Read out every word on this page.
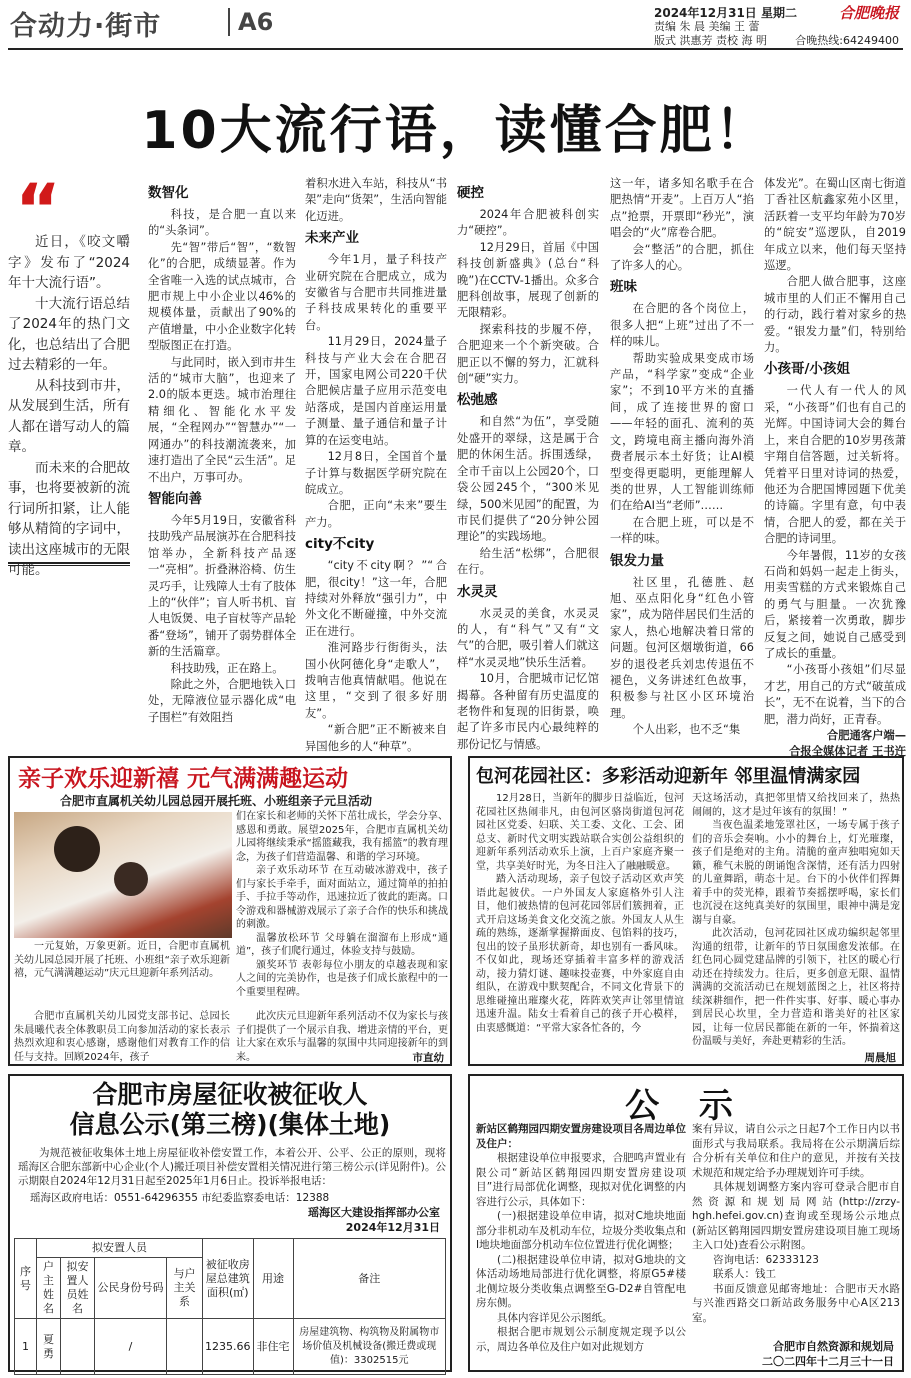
合动力·街市	A6	2024年12月31日 星期二	合肥晚报
责编 朱 晨 美编 王 蕾
版式 洪惠芳 责校 海 明	合晚热线:64249400
10大流行语，读懂合肥！
“

近日，《咬文嚼字》发布了“2024年十大流行语”。

十大流行语总结了2024年的热门文化，也总结出了合肥过去精彩的一年。

从科技到市井，从发展到生活，所有人都在谱写动人的篇章。

而未来的合肥故事，也将要被新的流行词所扣紧，让人能够从精简的字词中，读出这座城市的无限可能。

数智化

科技，是合肥一直以来的“头条词”。

先“智”带后“智”，“数智化”的合肥，成绩显著。作为全省唯一入选的试点城市，合肥市规上中小企业以46%的规模体量，贡献出了90%的产值增量，中小企业数字化转型版图正在打造。

与此同时，嵌入到市井生活的“城市大脑”，也迎来了2.0的版本更迭。城市治理往精细化、智能化水平发展，“全程网办”“智慧办”“一网通办”的科技潮流袭来，加速打造出了全民“云生活”。足不出户，万事可办。

智能向善

今年5月19日，安徽省科技助残产品展演苏在合肥科技馆举办，全新科技产品逐一“亮相”。折叠淋浴椅、仿生灵巧手，让残障人士有了肢体上的“伙伴”；盲人听书机、盲人电饭煲、电子盲杖等产品轮番“登场”，铺开了弱势群体全新的生活篇章。

科技助残，正在路上。

除此之外，合肥地铁入口处，无障液位显示器化成“电子围栏”有效阻挡

着积水进入车站，科技从“书架”走向“货架”，生活向智能化迈进。

未来产业

今年1月，量子科技产业研究院在合肥成立，成为安徽省与合肥市共同推进量子科技成果转化的重要平台。

11月29日，2024量子科技与产业大会在合肥召开，国家电网公司220千伏合肥候店量子应用示范变电站落成，是国内首座运用量子测量、量子通信和量子计算的在运变电站。

12月8日，全国首个量子计算与数据医学研究院在皖成立。

合肥，正向“未来”要生产力。

city不city

“city不city啊？”“合肥，很city！”这一年，合肥持续对外释放“强引力”，中外文化不断碰撞，中外交流正在进行。

淮河路步行街街头，法国小伙阿德化身“走歌人”，拨响吉他真情献唱。他说在这里，“交到了很多好朋友”。

“新合肥”正不断被来自异国他乡的人“种草”。

硬控

2024年合肥被科创实力“硬控”。

12月29日，首届《中国科技创新盛典》(总台“科晚”)在CCTV-1播出。众多合肥科创故事，展现了创新的无限精彩。

探索科技的步履不停，合肥迎来一个个新突破。合肥正以不懈的努力，汇就科创“硬”实力。

松弛感

和自然“为伍”，享受随处盛开的翠绿，这是属于合肥的休闲生活。拆围透绿，全市千亩以上公园20个，口袋公园245个，“300米见绿，500米见园”的配置，为市民们提供了“20分钟公园理论”的实践场地。

给生活“松绑”，合肥很在行。

水灵灵

水灵灵的美食，水灵灵的人，有“科气”又有“文气”的合肥，吸引着人们就这样“水灵灵地”快乐生活着。

10月，合肥城市记忆馆揭幕。各种留有历史温度的老物件和复现的旧街景，唤起了许多市民内心最纯粹的那份记忆与情感。

这一年，诸多知名歌手在合肥热情“开麦”。上百万人“掐点”抢票，开票即“秒光”，演唱会的“火”席卷合肥。

会“整活”的合肥，抓住了许多人的心。

班味

在合肥的各个岗位上，很多人把“上班”过出了不一样的味儿。

帮助实验成果变成市场产品，“科学家”变成“企业家”；不到10平方米的直播间，成了连接世界的窗口——年轻的面孔、流利的英文，跨境电商主播向海外消费者展示本土好货；让AI模型变得更聪明，更能理解人类的世界，人工智能训练师们在给AI当“老师”……

在合肥上班，可以是不一样的味。

银发力量

社区里，孔德胜、赵旭、巫点阳化身“红色小管家”，成为陪伴居民们生活的家人，热心地解决着日常的问题。包河区烟墩街道，66岁的退役老兵刘忠传退伍不褪色，义务讲述红色故事，积极参与社区小区环境治理。

个人出彩，也不乏“集

体发光”。在蜀山区南七街道丁香社区航鑫家苑小区里，活跃着一支平均年龄为70岁的“皖安”巡逻队，自2019年成立以来，他们每天坚持巡逻。

合肥人做合肥事，这座城市里的人们正不懈用自己的行动，践行着对家乡的热爱。“银发力量”们，特别给力。

小孩哥/小孩姐

一代人有一代人的风采，“小孩哥”们也有自己的光辉。中国诗词大会的舞台上，来自合肥的10岁男孩萧宇翔自信答题，过关斩将。凭着平日里对诗词的热爱，他还为合肥国博园题下优美的诗篇。字里有意，句中表情，合肥人的爱，都在关于合肥的诗词里。

今年暑假，11岁的女孩石尚和妈妈一起走上街头，用卖雪糕的方式来锻炼自己的勇气与胆量。一次犹豫后，紧接着一次勇敢，脚步反复之间，她说自己感受到了成长的重量。

“小孩哥小孩姐”们尽显才艺，用自己的方式“破茧成长”，无不在说着，当下的合肥，潜力尚好，正青春。

合肥通客户端—
合报全媒体记者 王书迕
亲子欢乐迎新禧 元气满满趣运动
合肥市直属机关幼儿园总园开展托班、小班组亲子元旦活动

一元复始，万象更新。近日，合肥市直属机关幼儿园总园开展了托班、小班组“亲子欢乐迎新禧，元气满满趣运动”庆元旦迎新年系列活动。

们在家长和老师的关怀下茁壮成长，学会分享、感恩和勇敢。展望2025年，合肥市直属机关幼儿园将继续秉承“摇篮藏我，我有摇篮”的教育理念，为孩子们营造温馨、和谐的学习环境。

亲子欢乐动环节 在互动破冰游戏中，孩子们与家长手牵手，面对面站立，通过简单的拍拍手、手拉手等动作，迅速拉近了彼此的距离。口令游戏和器械游戏展示了亲子合作的快乐和挑战的刺激。

温馨放松环节 父母躺在溜溜布上形成“通道”，孩子们爬行通过，体验支持与鼓励。

颁奖环节 表彰每位小朋友的卓越表现和家人之间的完美协作，也是孩子们成长旅程中的一个重要里程碑。

合肥市直属机关幼儿园党支部书记、总园长朱晨曦代表全体教职员工向参加活动的家长表示热烈欢迎和衷心感谢，感谢他们对教育工作的信任与支持。回顾2024年，孩子

此次庆元旦迎新年系列活动不仅为家长与孩子们提供了一个展示自我、增进亲情的平台，更让大家在欢乐与温馨的氛围中共同迎接新年的到来。	市直幼
包河花园社区：多彩活动迎新年 邻里温情满家园

12月28日，当新年的脚步日益临近，包河花园社区热闹非凡，由包河区骆岗街道包河花园社区党委、妇联、关工委、文化、工会、团总支、新时代文明实践站联合实创公益组织的迎新年系列活动欢乐上演，上百户家庭齐聚一堂，共享美好时光，为冬日注入了融融暖意。

踏入活动现场，亲子包饺子活动区欢声笑语此起彼伏。一户外国友人家庭格外引人注目，他们被热情的包河花园邻居们簇拥着，正式开启这场美食文化交流之旅。外国友人从生疏的熟练，逐渐掌握擀面皮、包馅料的技巧，包出的饺子虽形状新奇，却也别有一番风味。不仅如此，现场还穿插着丰富多样的游戏活动，接力猜灯谜、趣味投壶赛，中外家庭自由组队，在游戏中默契配合，不同文化背景下的思维碰撞出璀璨火花，阵阵欢笑声让邻里情谊迅速升温。陆女士看着自己的孩子开心模样，由衷感慨道：“平常大家各忙各的，今

天这场活动，真把邻里情又给找回来了，热热闹闹的，这才是过年该有的氛围！”

当夜色温柔地笼罩社区，一场专属于孩子们的音乐会奏响。小小的舞台上，灯光璀璨，孩子们是绝对的主角。清脆的童声独唱宛如天籁，稚气未脱的朗诵饱含深情，还有活力四射的儿童舞蹈，萌态十足。台下的小伙伴们挥舞着手中的荧光棒，跟着节奏摇摆呼喝，家长们也沉浸在这纯真美好的氛围里，眼神中满是宠溺与自豪。

此次活动，包河花园社区成功编织起邻里沟通的纽带，让新年的节日氛围愈发浓郁。在红色同心圆党建品牌的引领下，社区的暖心行动还在持续发力。往后，更多创意无限、温情满满的交流活动已在规划蓝图之上，社区将持续深耕细作，把一件件实事、好事、暖心事办到居民心坎里，全力营造和谐美好的社区家园，让每一位居民都能在新的一年，怀揣着这份温暖与美好，奔赴更精彩的生活。

周晨旭
合肥市房屋征收被征收人
信息公示(第三榜)(集体土地)

为规范被征收集体土地上房屋征收补偿安置工作，本着公开、公平、公正的原则，现将瑶海区合肥东部新中心企业(个人)搬迁项目补偿安置相关情况进行第三榜公示(详见附件)。公示期限自2024年12月31日起至2025年1月6日止。投诉举报电话：

瑶海区政府电话：0551-64296355 市纪委监察委电话：12388
瑶海区大建设指挥部办公室
2024年12月31日
序号	拟安置人员				被征收房屋总建筑面积(㎡)	用途	备注
	户主姓名	拟安置人员姓名	公民身份号码	与户主关系			
1	夏勇		/		1235.66	非住宅	房屋建筑物、构筑物及附属物市场价值及机械设备(搬迁费或现值)：3302515元
公 示

新站区鹤翔园四期安置房建设项目各周边单位及住户：

根据建设单位申报要求，合肥鸣声置业有限公司“新站区鹤翔园四期安置房建设项目”进行局部优化调整，现拟对优化调整的内容进行公示，具体如下：

(一)根据建设单位申请，拟对C地块地面部分非机动车及机动车位，垃圾分类收集点和I地块地面部分机动车位位置进行优化调整；

(二)根据建设单位申请，拟对G地块的文体活动场地局部进行优化调整，将原G5#楼北侧垃圾分类收集点调整至G-D2#自管配电房东侧。

具体内容详见公示图纸。

根据合肥市规划公示制度规定现予以公示，周边各单位及住户如对此规划方

案有异议，请自公示之日起7个工作日内以书面形式与我局联系。我局将在公示期满后综合分析有关单位和住户的意见，并按有关技术规范和规定给予办理规划许可手续。

具体规划调整方案内容可登录合肥市自然资源和规划局网站(http://zrzy-hgh.hefei.gov.cn)查询或至现场公示地点(新站区鹤翔园四期安置房建设项目施工现场主入口处)查看公示附图。

咨询电话：62333123

联系人：钱工

书面反馈意见邮寄地址：合肥市天水路与兴淮西路交口新站政务服务中心A区213室。

合肥市自然资源和规划局
二〇二四年十二月三十一日
